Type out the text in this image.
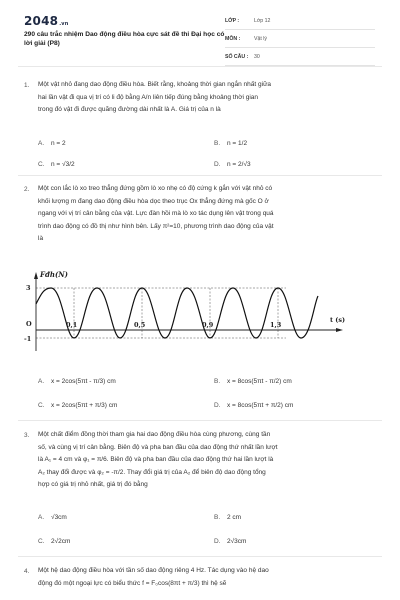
2048.vn
290 câu trắc nhiệm Dao động điều hòa cực sát đề thi Đại học có lời giải (P8)
LỚP :	Lớp 12
MÔN :	Vật lý
SỐ CÂU :	30
1. Một vật nhỏ đang dao động điều hòa. Biết rằng, khoảng thời gian ngắn nhất giữa
hai lần vật đi qua vị trí có li độ bằng A/n liên tiếp đúng bằng khoảng thời gian
trong đó vật đi được quãng đường dài nhất là A. Giá trị của n là
A. n = 2	B. n = 1/2
C. n = √3/2	D. n = 2/√3
2. Một con lắc lò xo treo thẳng đứng gồm lò xo nhẹ có độ cứng k gắn với vật nhỏ có
khối lượng m đang dao động điều hòa dọc theo trục Ox thẳng đứng mà gốc O ở
ngang với vị trí cân bằng của vật. Lực đàn hồi mà lò xo tác dụng lên vật trong quá
trình dao động có đồ thị như hình bên. Lấy π²=10, phương trình dao động của vật
là
A. x = 2cos(5πt - π/3) cm	B. x = 8cos(5πt - π/2) cm
C. x = 2cos(5πt + π/3) cm	D. x = 8cos(5πt + π/2) cm
Fđh(N)
t (s)
3
O
-1
0,1	0,5	0,9	1,3
3. Một chất điểm đồng thời tham gia hai dao động điều hòa cùng phương, cùng tần
số, và cùng vị trí cân bằng. Biên độ và pha ban đầu của dao động thứ nhất lần lượt
là A₁ = 4 cm và φ₁ = π/6. Biên độ và pha ban đầu của dao động thứ hai lần lượt là
A₂ thay đổi được và φ₂ = -π/2. Thay đổi giá trị của A₂ để biên độ dao động tổng
hợp có giá trị nhỏ nhất, giá trị đó bằng
A. √3cm	B. 2 cm
C. 2√2cm	D. 2√3cm
4. Một hệ dao động điều hòa với tần số dao động riêng 4 Hz. Tác dụng vào hệ dao
động đó một ngoại lực có biểu thức f = F₀cos(8πt + π/3) thì hệ sẽ
